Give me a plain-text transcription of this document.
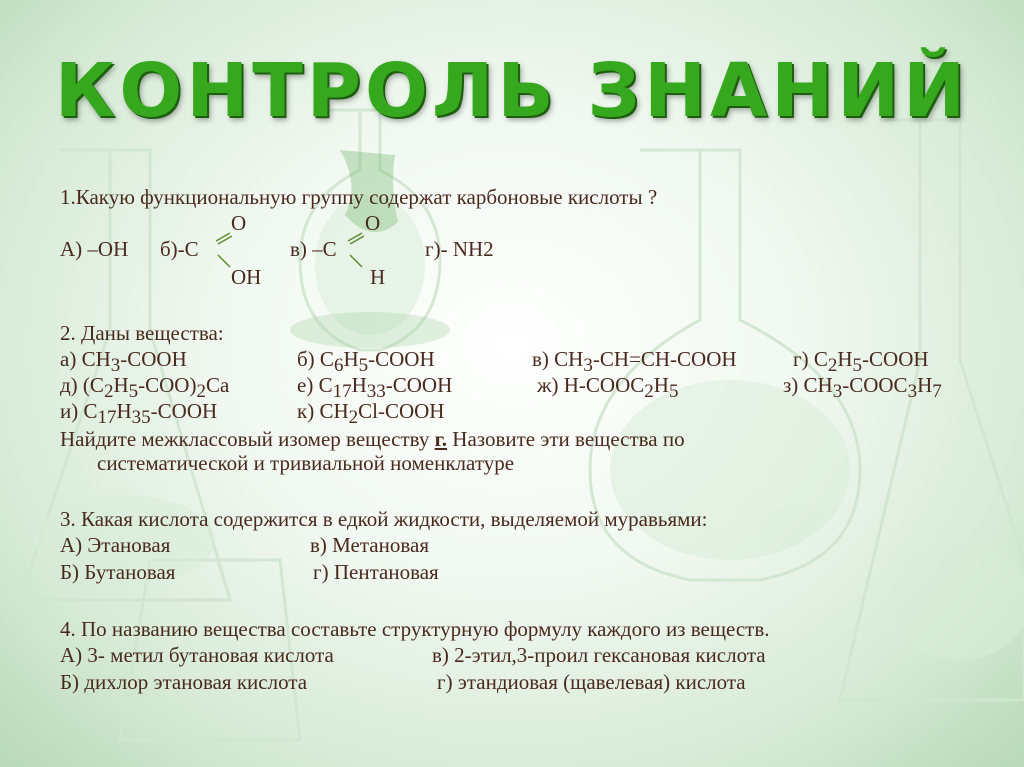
КОНТРОЛЬ ЗНАНИЙ
1.Какую функциональную группу содержат карбоновые кислоты ?
O	O
А) –ОН б)-С	в) –С	г)- NH2
OH	H
2. Даны вещества:
а) $CH_3$-COOH	б) $C_6H_5$-COOH	в) $CH_3-CH=CH$-COOH	г) $C_2H_5$-COOH
д) $(C_2H_5-COO)_2Ca$	е) $C_{17}H_{33}$-COOH	ж) $H-COOC_2H_5$	з) $CH_3-COOC_3H_7$
и) $C_{17}H_{35}$-COOH	к) $CH_2Cl$-COOH
Найдите межклассовый изомер веществу г. Назовите эти вещества по
систематической и тривиальной номенклатуре
3. Какая кислота содержится в едкой жидкости, выделяемой муравьями:
А) Этановая	в) Метановая
Б) Бутановая	г) Пентановая
4. По названию вещества составьте структурную формулу каждого из веществ.
А) 3- метил бутановая кислота	в) 2-этил,3-проил гексановая кислота
Б) дихлор этановая кислота	г) этандиовая (щавелевая) кислота
